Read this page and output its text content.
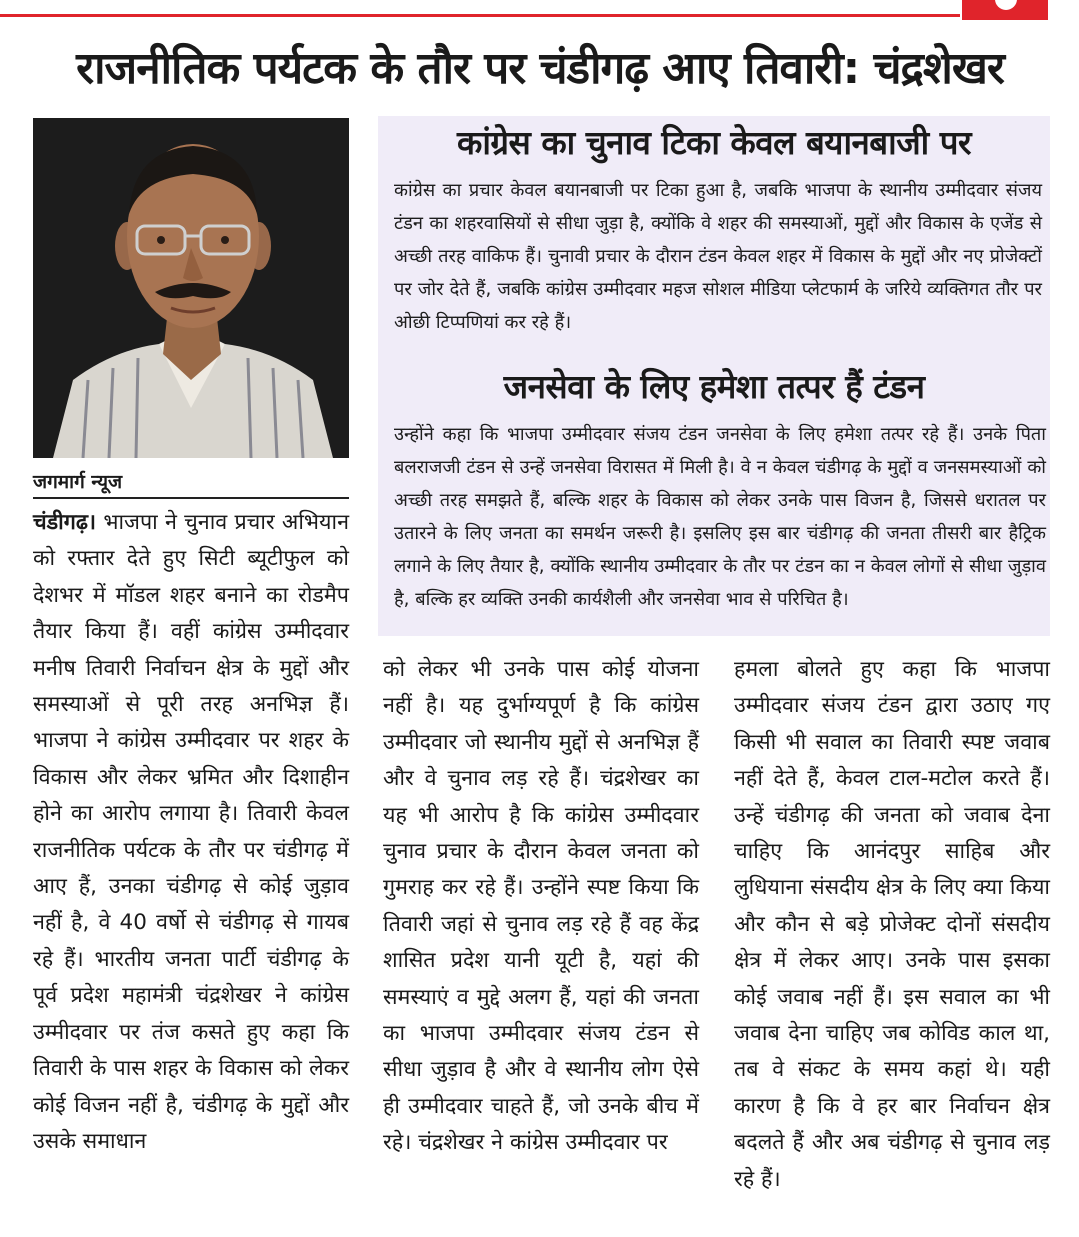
राजनीतिक पर्यटक के तौर पर चंडीगढ़ आए तिवारी: चंद्रशेखर

जगमार्ग न्यूज

चंडीगढ़। भाजपा ने चुनाव प्रचार अभियान को रफ्तार देते हुए सिटी ब्यूटीफुल को देशभर में मॉडल शहर बनाने का रोडमैप तैयार किया हैं। वहीं कांग्रेस उम्मीदवार मनीष तिवारी निर्वाचन क्षेत्र के मुद्दों और समस्याओं से पूरी तरह अनभिज्ञ हैं। भाजपा ने कांग्रेस उम्मीदवार पर शहर के विकास और लेकर भ्रमित और दिशाहीन होने का आरोप लगाया है। तिवारी केवल राजनीतिक पर्यटक के तौर पर चंडीगढ़ में आए हैं, उनका चंडीगढ़ से कोई जुड़ाव नहीं है, वे 40 वर्षो से चंडीगढ़ से गायब रहे हैं। भारतीय जनता पार्टी चंडीगढ़ के पूर्व प्रदेश महामंत्री चंद्रशेखर ने कांग्रेस उम्मीदवार पर तंज कसते हुए कहा कि तिवारी के पास शहर के विकास को लेकर कोई विजन नहीं है, चंडीगढ़ के मुद्दों और उसके समाधान

कांग्रेस का चुनाव टिका केवल बयानबाजी पर

कांग्रेस का प्रचार केवल बयानबाजी पर टिका हुआ है, जबकि भाजपा के स्थानीय उम्मीदवार संजय टंडन का शहरवासियों से सीधा जुड़ा है, क्योंकि वे शहर की समस्याओं, मुद्दों और विकास के एजेंड से अच्छी तरह वाकिफ हैं। चुनावी प्रचार के दौरान टंडन केवल शहर में विकास के मुद्दों और नए प्रोजेक्टों पर जोर देते हैं, जबकि कांग्रेस उम्मीदवार महज सोशल मीडिया प्लेटफार्म के जरिये व्यक्तिगत तौर पर ओछी टिप्पणियां कर रहे हैं।

जनसेवा के लिए हमेशा तत्पर हैं टंडन

उन्होंने कहा कि भाजपा उम्मीदवार संजय टंडन जनसेवा के लिए हमेशा तत्पर रहे हैं। उनके पिता बलराजजी टंडन से उन्हें जनसेवा विरासत में मिली है। वे न केवल चंडीगढ़ के मुद्दों व जनसमस्याओं को अच्छी तरह समझते हैं, बल्कि शहर के विकास को लेकर उनके पास विजन है, जिससे धरातल पर उतारने के लिए जनता का समर्थन जरूरी है। इसलिए इस बार चंडीगढ़ की जनता तीसरी बार हैट्रिक लगाने के लिए तैयार है, क्योंकि स्थानीय उम्मीदवार के तौर पर टंडन का न केवल लोगों से सीधा जुड़ाव है, बल्कि हर व्यक्ति उनकी कार्यशैली और जनसेवा भाव से परिचित है।

को लेकर भी उनके पास कोई योजना नहीं है। यह दुर्भाग्यपूर्ण है कि कांग्रेस उम्मीदवार जो स्थानीय मुद्दों से अनभिज्ञ हैं और वे चुनाव लड़ रहे हैं। चंद्रशेखर का यह भी आरोप है कि कांग्रेस उम्मीदवार चुनाव प्रचार के दौरान केवल जनता को गुमराह कर रहे हैं। उन्होंने स्पष्ट किया कि तिवारी जहां से चुनाव लड़ रहे हैं वह केंद्र शासित प्रदेश यानी यूटी है, यहां की समस्याएं व मुद्दे अलग हैं, यहां की जनता का भाजपा उम्मीदवार संजय टंडन से सीधा जुड़ाव है और वे स्थानीय लोग ऐसे ही उम्मीदवार चाहते हैं, जो उनके बीच में रहे। चंद्रशेखर ने कांग्रेस उम्मीदवार पर

हमला बोलते हुए कहा कि भाजपा उम्मीदवार संजय टंडन द्वारा उठाए गए किसी भी सवाल का तिवारी स्पष्ट जवाब नहीं देते हैं, केवल टाल-मटोल करते हैं। उन्हें चंडीगढ़ की जनता को जवाब देना चाहिए कि आनंदपुर साहिब और लुधियाना संसदीय क्षेत्र के लिए क्या किया और कौन से बड़े प्रोजेक्ट दोनों संसदीय क्षेत्र में लेकर आए। उनके पास इसका कोई जवाब नहीं हैं। इस सवाल का भी जवाब देना चाहिए जब कोविड काल था, तब वे संकट के समय कहां थे। यही कारण है कि वे हर बार निर्वाचन क्षेत्र बदलते हैं और अब चंडीगढ़ से चुनाव लड़ रहे हैं।
